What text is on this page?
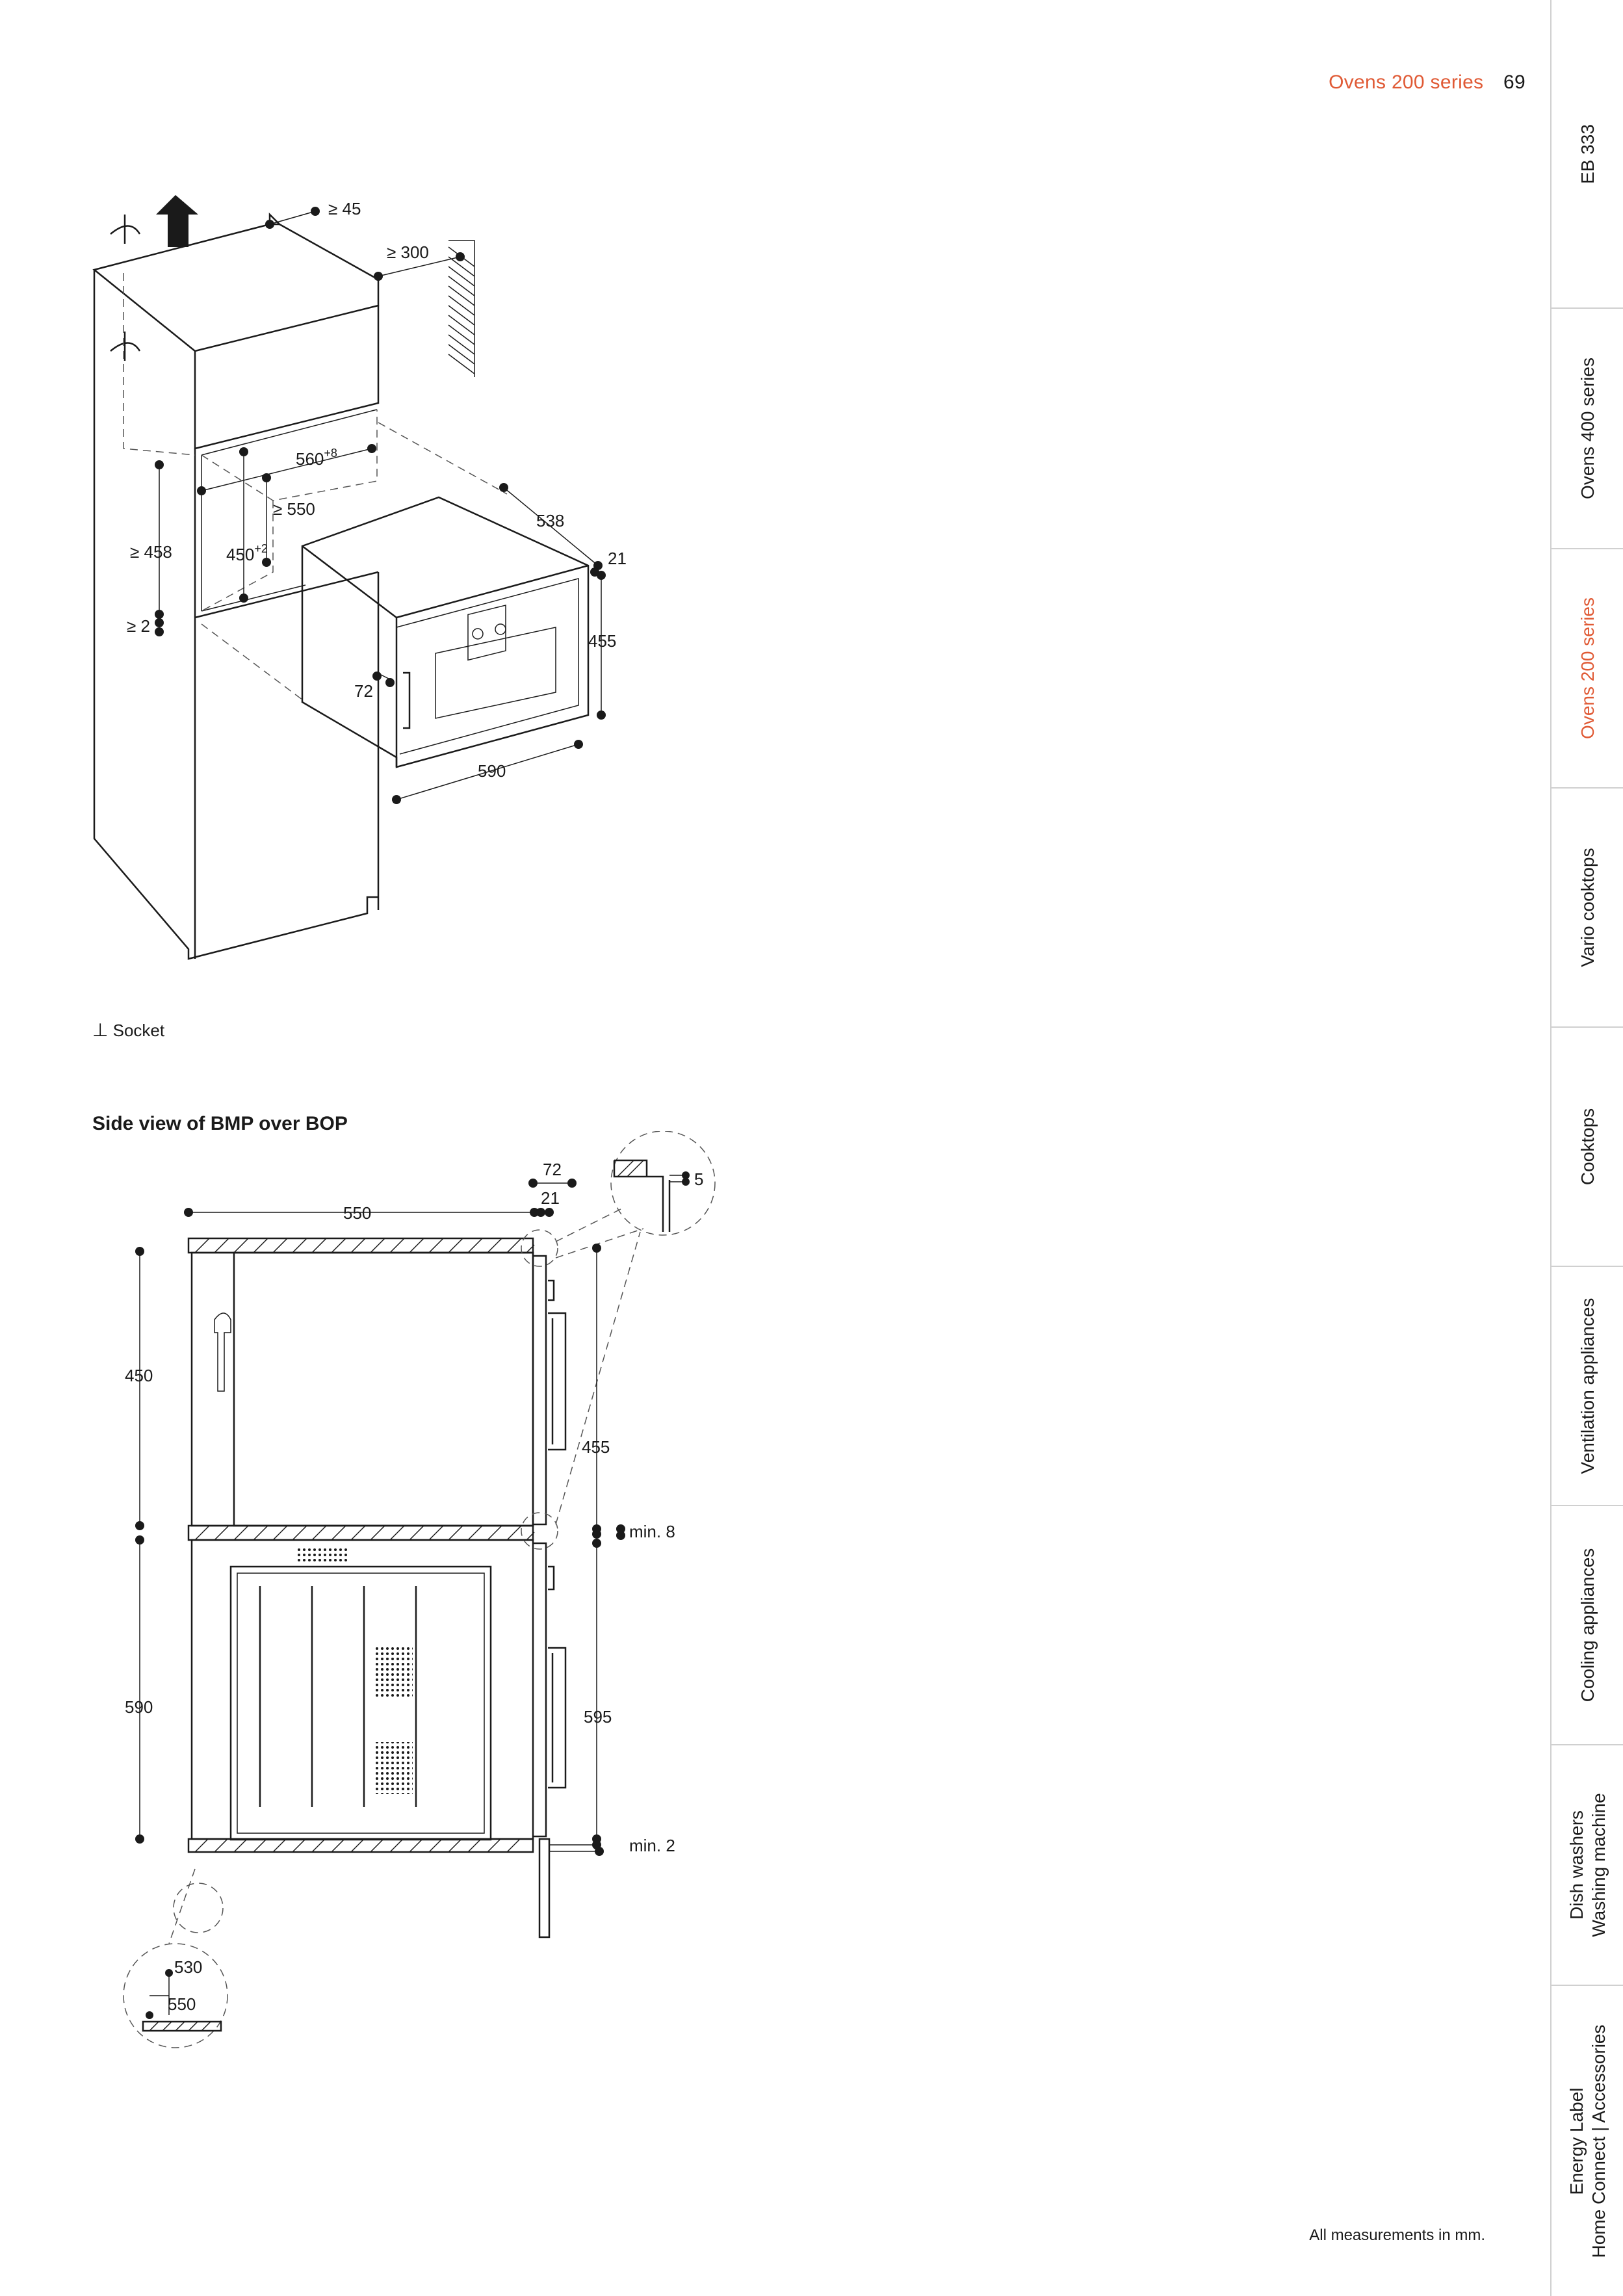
Ovens 200 series 69
EB 333
Ovens 400 series
Ovens 200 series
Vario cooktops
Cooktops
Ventilation appliances
Cooling appliances
Dish washers Washing machine
Energy Label Home Connect | Accessories
≥ 45
≥ 300
$560^{+8}$
≥ 550
≥ 458	$450^{+2}$
≥ 2
538
21
455
72
590
⊥ Socket
Side view of BMP over BOP
550
72
21
5
450
455
min. 8
590	595
min. 2
530
550
All measurements in mm.
